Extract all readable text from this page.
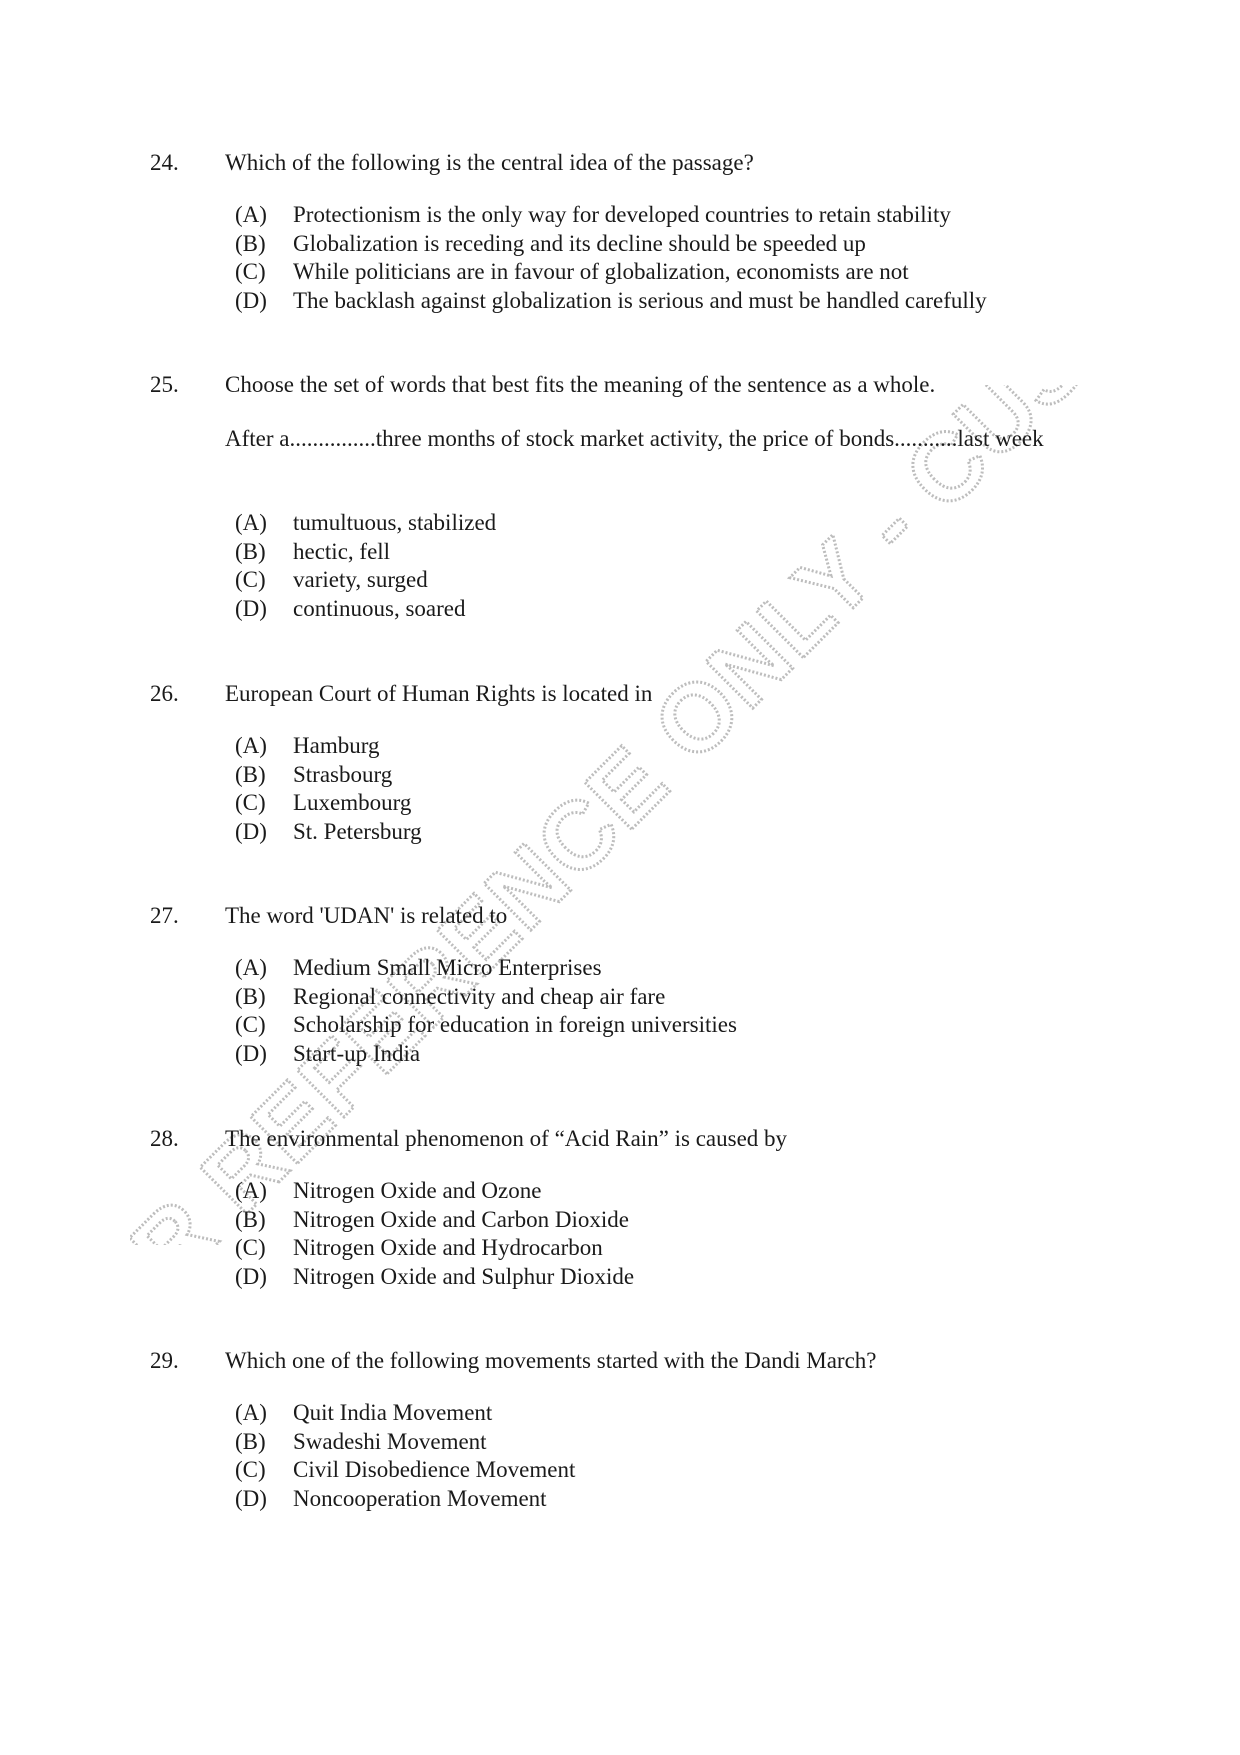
REFERENCE ONLY -
24. Which of the following is the central idea of the passage?
(A) Protectionism is the only way for developed countries to retain stability
(B) Globalization is receding and its decline should be speeded up
(C) While politicians are in favour of globalization, economists are not
(D) The backlash against globalization is serious and must be handled carefully
25. Choose the set of words that best fits the meaning of the sentence as a whole.
After a...............three months of stock market activity, the price of bonds...........last week
(A) tumultuous, stabilized
(B) hectic, fell
(C) variety, surged
(D) continuous, soared
26. European Court of Human Rights is located in
(A) Hamburg
(B) Strasbourg
(C) Luxembourg
(D) St. Petersburg
27. The word 'UDAN' is related to
(A) Medium Small Micro Enterprises
(B) Regional connectivity and cheap air fare
(C) Scholarship for education in foreign universities
(D) Start-up India
28. The environmental phenomenon of “Acid Rain” is caused by
(A) Nitrogen Oxide and Ozone
(B) Nitrogen Oxide and Carbon Dioxide
(C) Nitrogen Oxide and Hydrocarbon
(D) Nitrogen Oxide and Sulphur Dioxide
29. Which one of the following movements started with the Dandi March?
(A) Quit India Movement
(B) Swadeshi Movement
(C) Civil Disobedience Movement
(D) Noncooperation Movement
